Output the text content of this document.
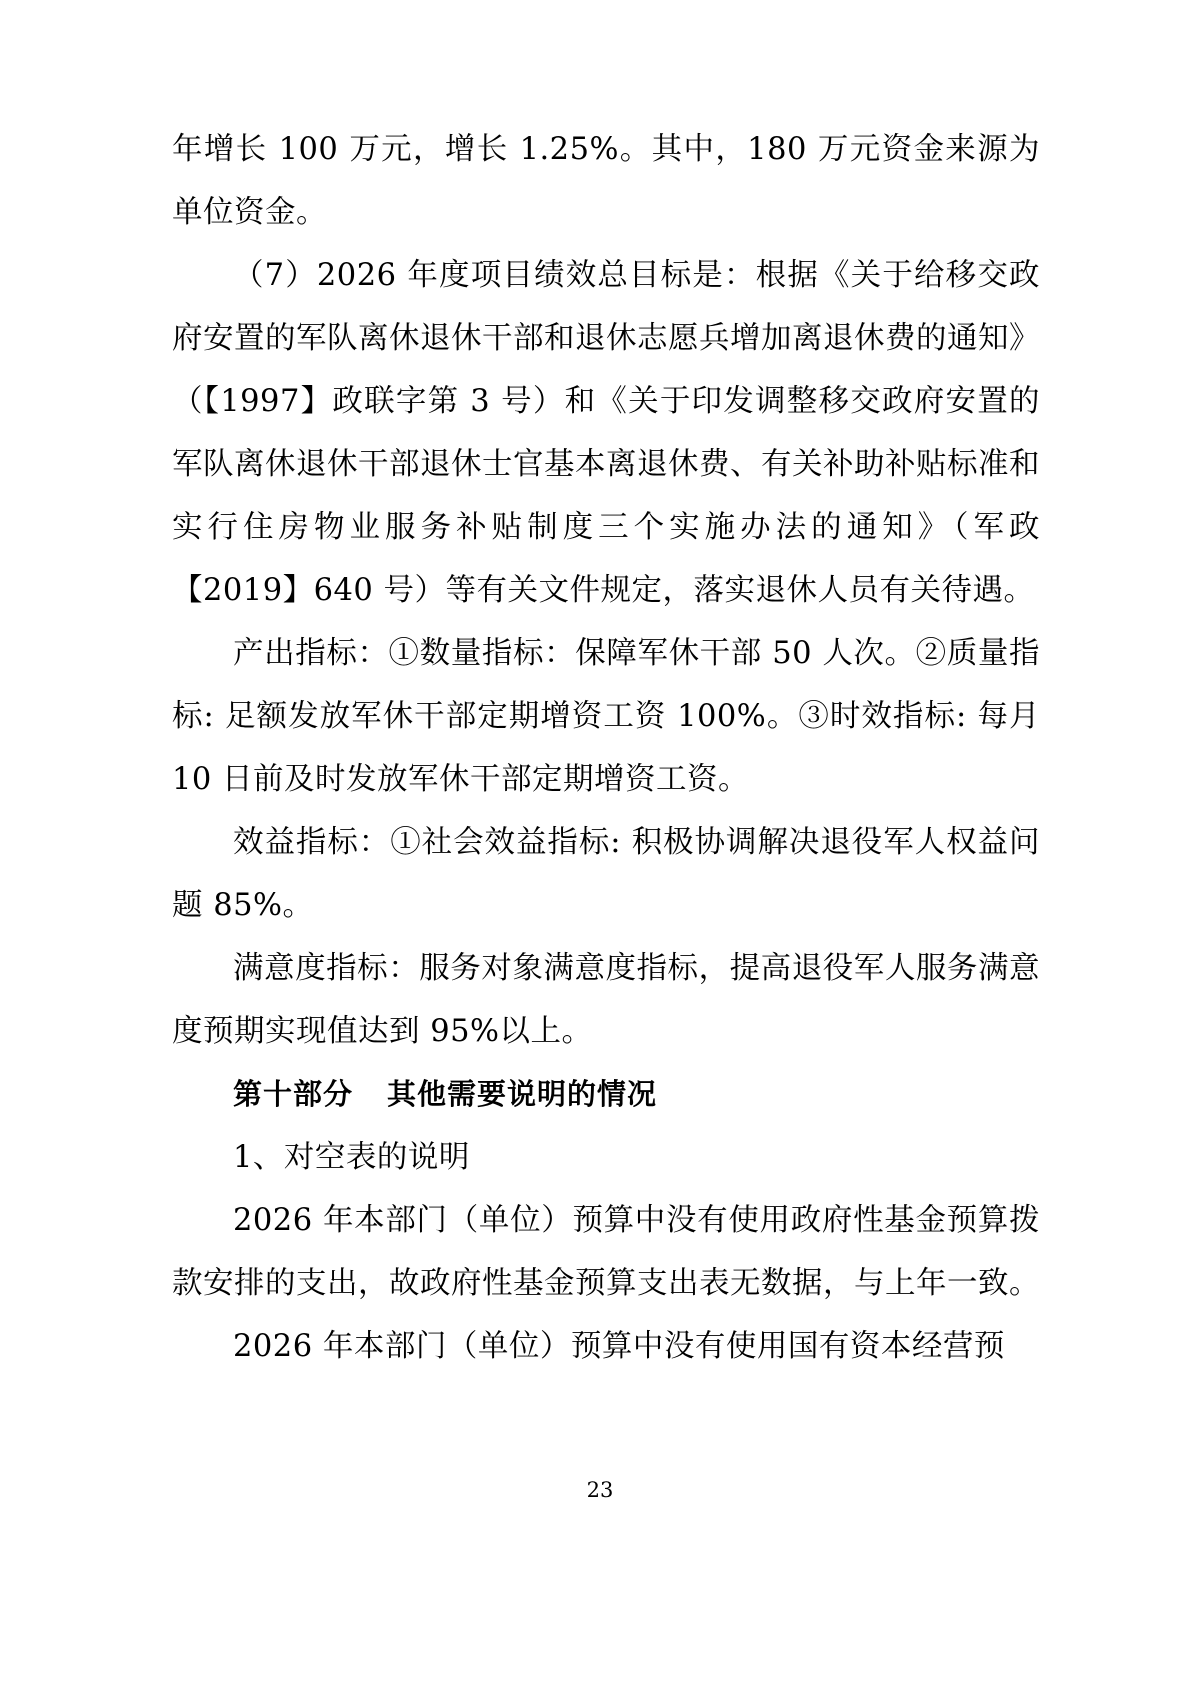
年增长 100 万元，增长 1.25%。其中，180 万元资金来源为单位资金。

（7）2026 年度项目绩效总目标是：根据《关于给移交政府安置的军队离休退休干部和退休志愿兵增加离退休费的通知》（【1997】政联字第 3 号）和《关于印发调整移交政府安置的军队离休退休干部退休士官基本离退休费、有关补助补贴标准和实行住房物业服务补贴制度三个实施办法的通知》（军政【2019】640 号）等有关文件规定，落实退休人员有关待遇。

产出指标：①数量指标：保障军休干部 50 人次。②质量指标: 足额发放军休干部定期增资工资 100%。③时效指标: 每月 10 日前及时发放军休干部定期增资工资。

效益指标：①社会效益指标: 积极协调解决退役军人权益问题 85%。

满意度指标：服务对象满意度指标，提高退役军人服务满意度预期实现值达到 95%以上。

第十部分 其他需要说明的情况

1、对空表的说明

2026 年本部门（单位）预算中没有使用政府性基金预算拨款安排的支出，故政府性基金预算支出表无数据，与上年一致。

2026 年本部门（单位）预算中没有使用国有资本经营预

23
